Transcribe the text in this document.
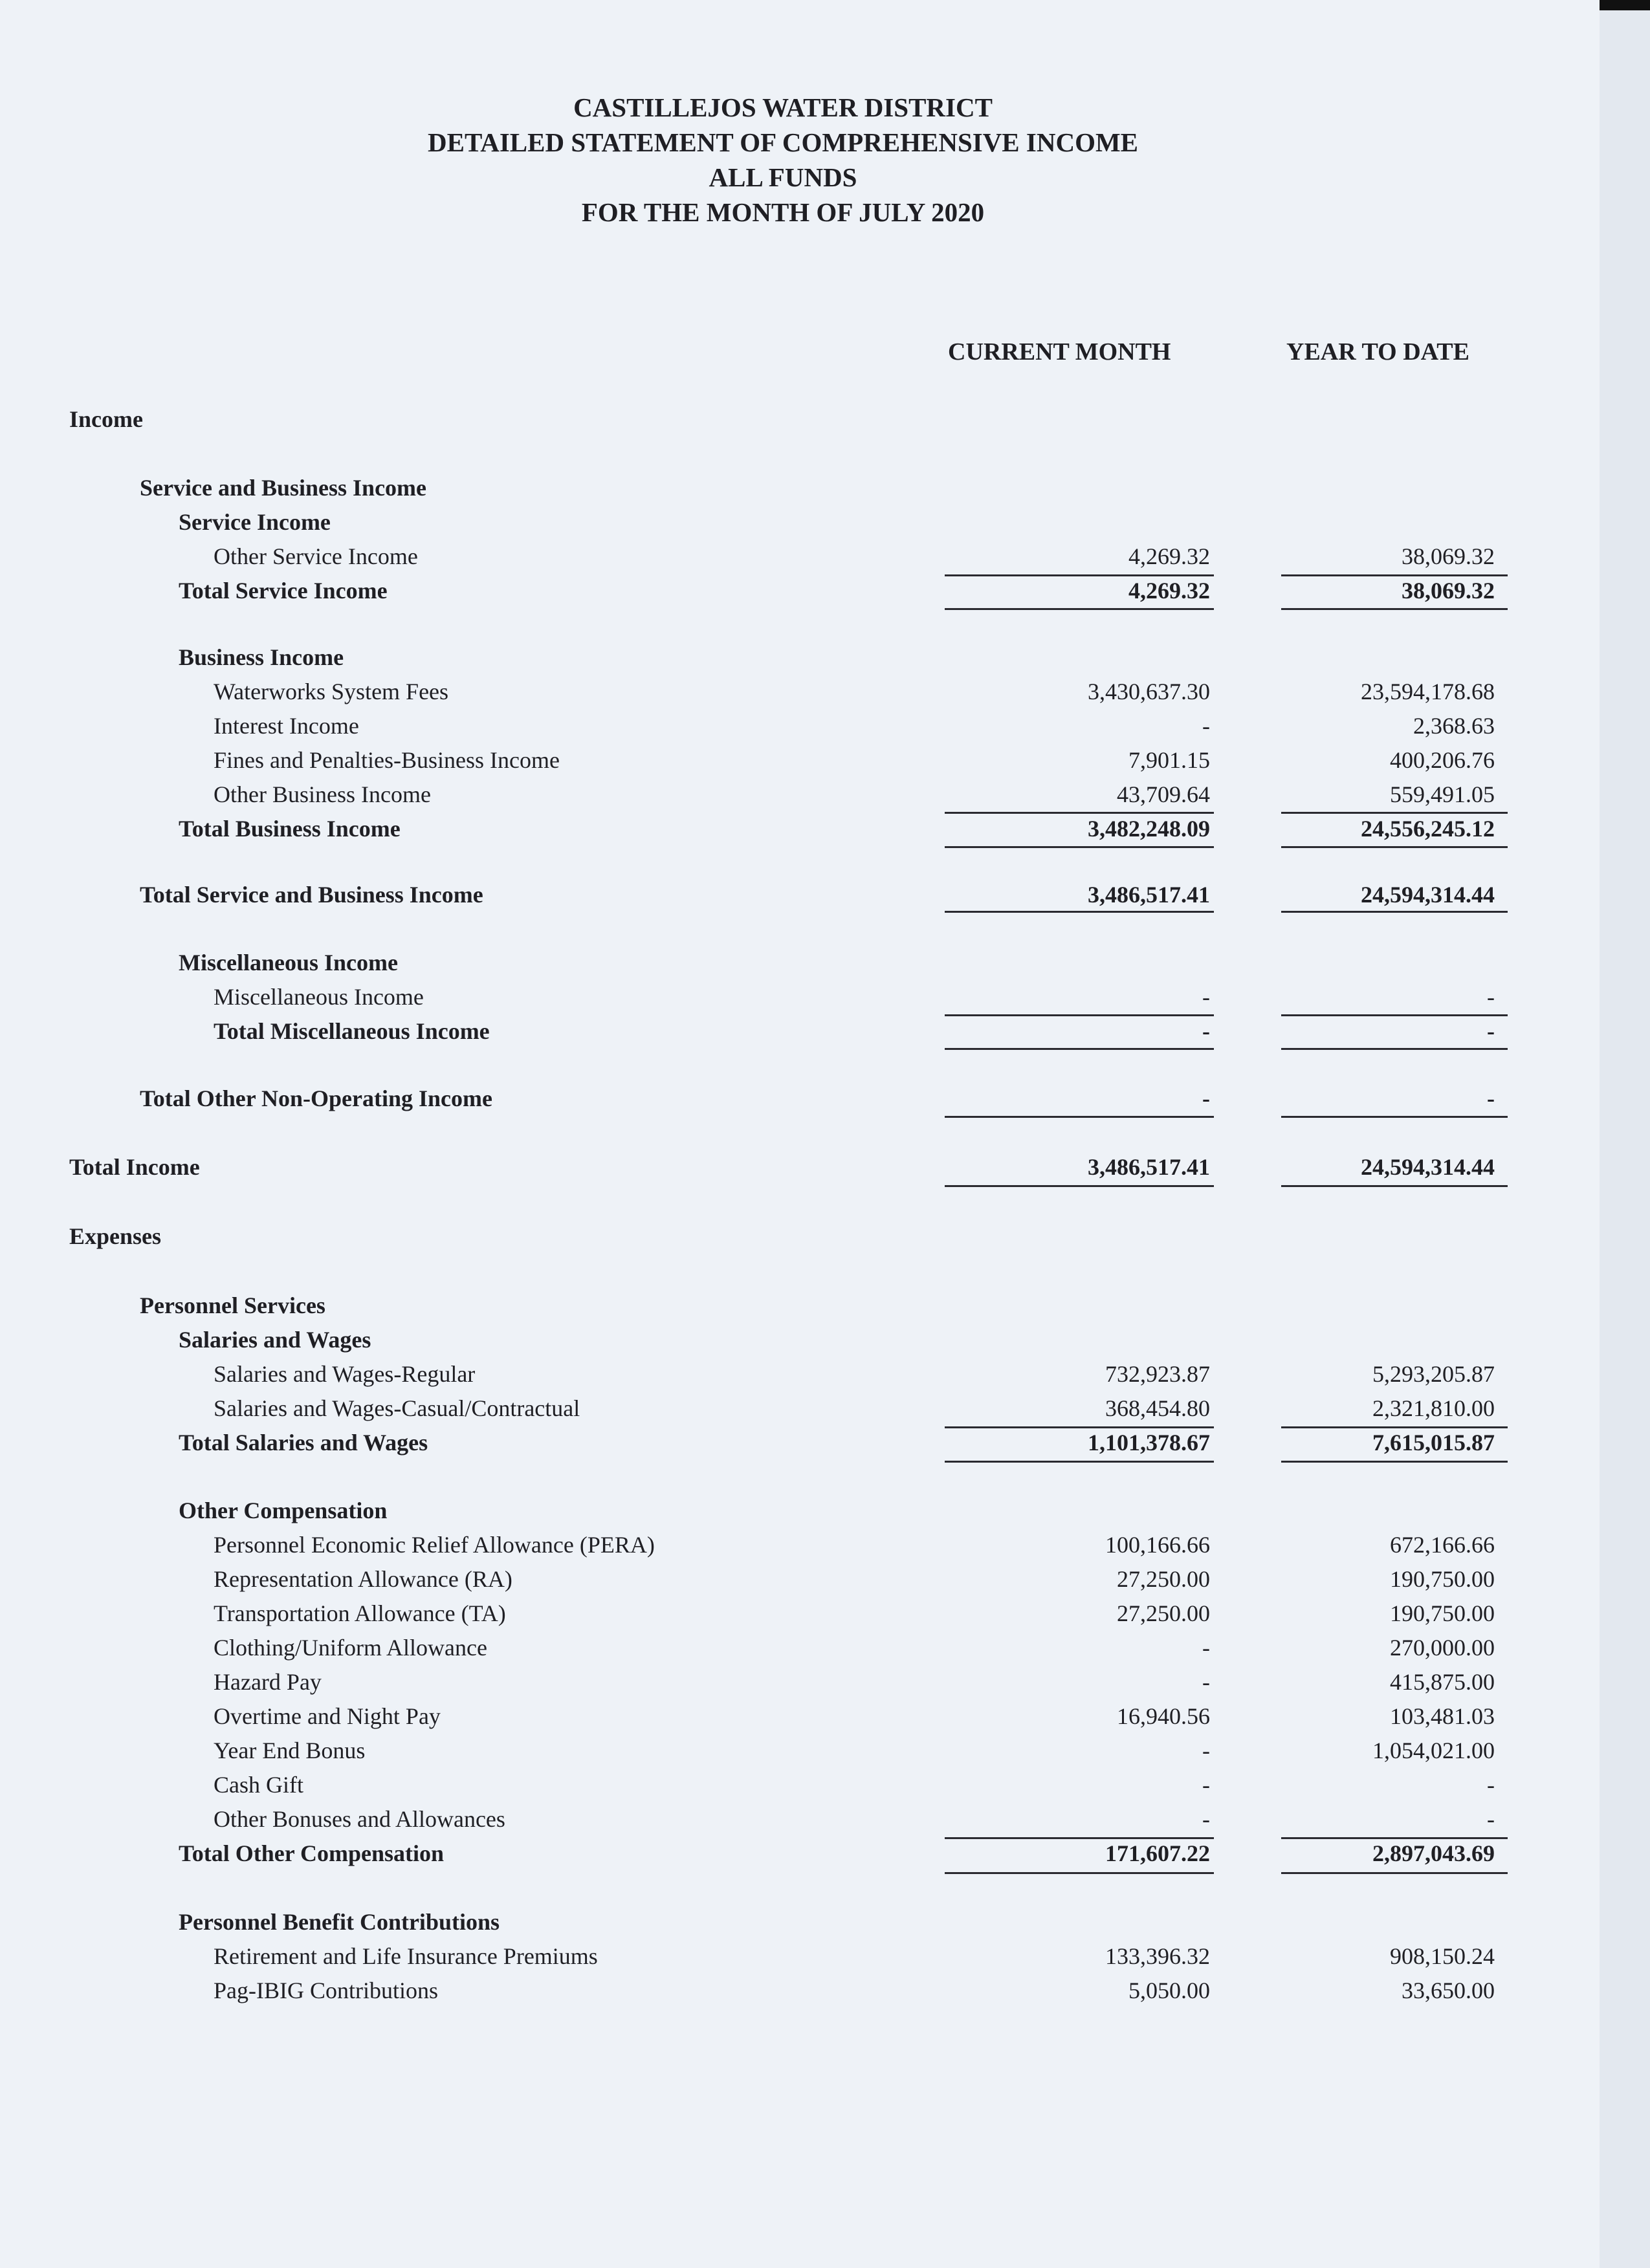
CASTILLEJOS WATER DISTRICT
DETAILED STATEMENT OF COMPREHENSIVE INCOME
ALL FUNDS
FOR THE MONTH OF JULY 2020
CURRENT MONTH	YEAR TO DATE
Income
Service and Business Income
Service Income
Other Service Income	4,269.32	38,069.32
Total Service Income	4,269.32	38,069.32
Business Income
Waterworks System Fees	3,430,637.30	23,594,178.68
Interest Income	-	2,368.63
Fines and Penalties-Business Income	7,901.15	400,206.76
Other Business Income	43,709.64	559,491.05
Total Business Income	3,482,248.09	24,556,245.12
Total Service and Business Income	3,486,517.41	24,594,314.44
Miscellaneous Income
Miscellaneous Income	-	-
Total Miscellaneous Income	-	-
Total Other Non-Operating Income	-	-
Total Income	3,486,517.41	24,594,314.44
Expenses
Personnel Services
Salaries and Wages
Salaries and Wages-Regular	732,923.87	5,293,205.87
Salaries and Wages-Casual/Contractual	368,454.80	2,321,810.00
Total Salaries and Wages	1,101,378.67	7,615,015.87
Other Compensation
Personnel Economic Relief Allowance (PERA)	100,166.66	672,166.66
Representation Allowance (RA)	27,250.00	190,750.00
Transportation Allowance (TA)	27,250.00	190,750.00
Clothing/Uniform Allowance	-	270,000.00
Hazard Pay	-	415,875.00
Overtime and Night Pay	16,940.56	103,481.03
Year End Bonus	-	1,054,021.00
Cash Gift	-	-
Other Bonuses and Allowances	-	-
Total Other Compensation	171,607.22	2,897,043.69
Personnel Benefit Contributions
Retirement and Life Insurance Premiums	133,396.32	908,150.24
Pag-IBIG Contributions	5,050.00	33,650.00
